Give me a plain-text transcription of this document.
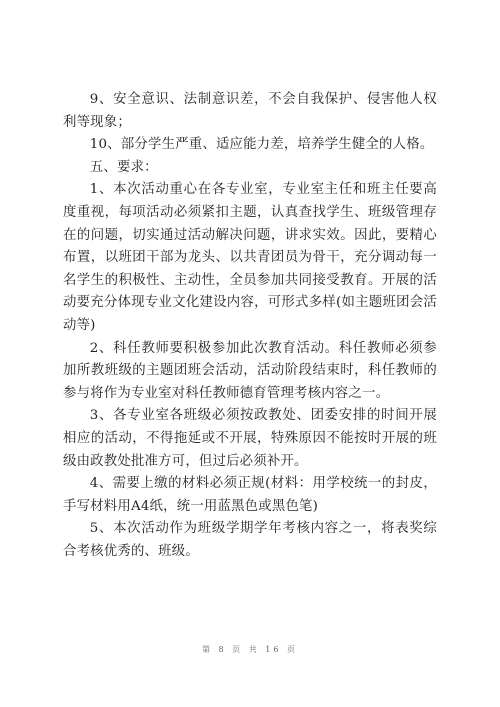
9、安全意识、法制意识差，不会自我保护、侵害他人权利等现象；

10、部分学生严重、适应能力差，培养学生健全的人格。

五、要求：

1、本次活动重心在各专业室，专业室主任和班主任要高度重视，每项活动必须紧扣主题，认真查找学生、班级管理存在的问题，切实通过活动解决问题，讲求实效。因此，要精心布置，以班团干部为龙头、以共青团员为骨干，充分调动每一名学生的积极性、主动性，全员参加共同接受教育。开展的活动要充分体现专业文化建设内容，可形式多样(如主题班团会活动等)

2、科任教师要积极参加此次教育活动。科任教师必须参加所教班级的主题团班会活动，活动阶段结束时，科任教师的参与将作为专业室对科任教师德育管理考核内容之一。

3、各专业室各班级必须按政教处、团委安排的时间开展相应的活动，不得拖延或不开展，特殊原因不能按时开展的班级由政教处批准方可，但过后必须补开。

4、需要上缴的材料必须正规(材料：用学校统一的封皮，手写材料用A4纸，统一用蓝黑色或黑色笔)

5、本次活动作为班级学期学年考核内容之一，将表奖综合考核优秀的、班级。

第 8 页 共 16 页
